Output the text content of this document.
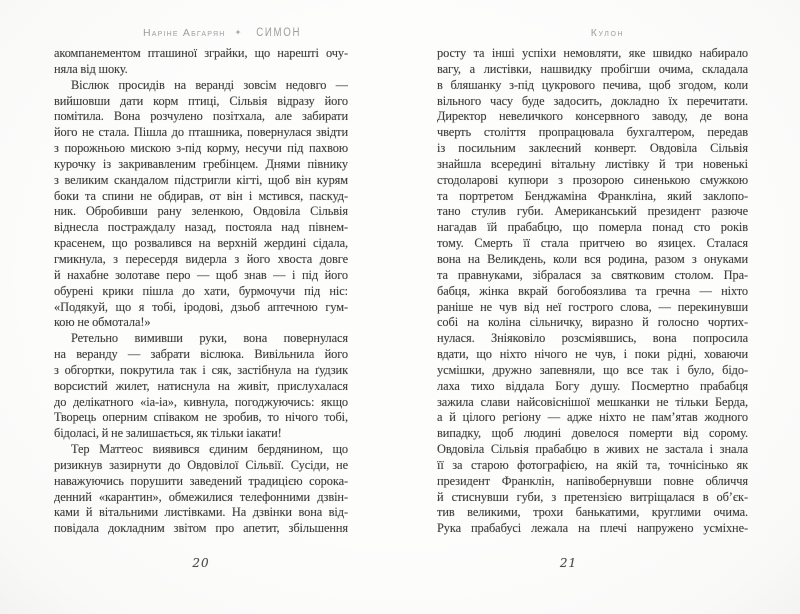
Наріне Абгарян ✦ СИМОН
акомпанементом пташиної зграйки, що нарешті очу-
няла від шоку.
Віслюк просидів на веранді зовсім недовго —
вийшовши дати корм птиці, Сільвія відразу його
помітила. Вона розчулено позітхала, але забирати
його не стала. Пішла до пташника, повернулася звідти
з порожньою мискою з-під корму, несучи під пахвою
курочку із закривавленим гребінцем. Днями півнику
з великим скандалом підстригли кігті, щоб він курям
боки та спини не обдирав, от він і мстився, паскуд-
ник. Обробивши рану зеленкою, Овдовіла Сільвія
віднесла постраждалу назад, постояла над півнем-
красенем, що розвалився на верхній жердині сідала,
гмикнула, з пересердя видерла з його хвоста довге
й нахабне золотаве перо — щоб знав — і під його
обурені крики пішла до хати, бурмочучи під ніс:
«Подякуй, що я тобі, іродові, дзьоб аптечною гум-
кою не обмотала!»
Ретельно вимивши руки, вона повернулася
на веранду — забрати віслюка. Вивільнила його
з обгортки, покрутила так і сяк, застібнула на ґудзик
ворсистий жилет, натиснула на живіт, прислухалася
до делікатного «іа-іа», кивнула, погоджуючись: якщо
Творець оперним співаком не зробив, то нічого тобі,
бідоласі, й не залишається, як тільки іакати!
Тер Маттеос виявився єдиним бердянином, що
ризикнув зазирнути до Овдовілої Сільвії. Сусіди, не
наважуючись порушити заведений традицією сорока-
денний «карантин», обмежилися телефонними дзвін-
ками й вітальними листівками. На дзвінки вона від-
повідала докладним звітом про апетит, збільшення
20
Кулон
росту та інші успіхи немовляти, яке швидко набирало
вагу, а листівки, нашвидку пробігши очима, складала
в бляшанку з-під цукрового печива, щоб згодом, коли
вільного часу буде задосить, докладно їх перечитати.
Директор невеличкого консервного заводу, де вона
чверть століття пропрацювала бухгалтером, передав
із посильним заклеєний конверт. Овдовіла Сільвія
знайшла всередині вітальну листівку й три новенькі
стодоларові купюри з прозорою синенькою смужкою
та портретом Бенджаміна Франкліна, який заклопо-
тано стулив губи. Американський президент разюче
нагадав їй прабабцю, що померла понад сто років
тому. Смерть її стала притчею во язицех. Сталася
вона на Великдень, коли вся родина, разом з онуками
та правнуками, зібралася за святковим столом. Пра-
бабця, жінка вкрай богобоязлива та гречна — ніхто
раніше не чув від неї гострого слова, — перекинувши
собі на коліна сільничку, виразно й голосно чортих-
нулася. Зніяковіло розсміявшись, вона попросила
вдати, що ніхто нічого не чув, і поки рідні, ховаючи
усмішки, дружно запевняли, що все так і було, бідо-
лаха тихо віддала Богу душу. Посмертно прабабця
зажила слави найсовіснішої мешканки не тільки Берда,
а й цілого регіону — адже ніхто не пам’ятав жодного
випадку, щоб людині довелося померти від сорому.
Овдовіла Сільвія прабабцю в живих не застала і знала
її за старою фотографією, на якій та, точнісінько як
президент Франклін, напівобернувши повне обличчя
й стиснувши губи, з претензією витріщалася в об’єк-
тив великими, трохи банькатими, круглими очима.
Рука прабабусі лежала на плечі напружено усміхне-
21
